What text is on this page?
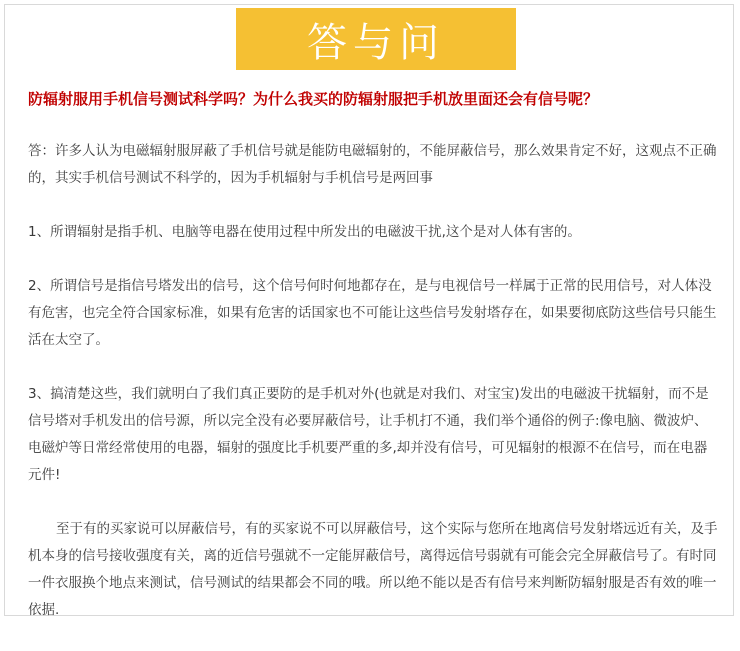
答与问
防辐射服用手机信号测试科学吗？为什么我买的防辐射服把手机放里面还会有信号呢？

答：许多人认为电磁辐射服屏蔽了手机信号就是能防电磁辐射的，不能屏蔽信号，那么效果肯定不好，这观点不正确的，其实手机信号测试不科学的，因为手机辐射与手机信号是两回事

1、所谓辐射是指手机、电脑等电器在使用过程中所发出的电磁波干扰,这个是对人体有害的。

2、所谓信号是指信号塔发出的信号，这个信号何时何地都存在，是与电视信号一样属于正常的民用信号，对人体没有危害，也完全符合国家标准，如果有危害的话国家也不可能让这些信号发射塔存在，如果要彻底防这些信号只能生活在太空了。

3、搞清楚这些，我们就明白了我们真正要防的是手机对外(也就是对我们、对宝宝)发出的电磁波干扰辐射，而不是信号塔对手机发出的信号源，所以完全没有必要屏蔽信号，让手机打不通，我们举个通俗的例子:像电脑、微波炉、电磁炉等日常经常使用的电器，辐射的强度比手机要严重的多,却并没有信号，可见辐射的根源不在信号，而在电器元件!

至于有的买家说可以屏蔽信号，有的买家说不可以屏蔽信号，这个实际与您所在地离信号发射塔远近有关，及手机本身的信号接收强度有关，离的近信号强就不一定能屏蔽信号，离得远信号弱就有可能会完全屏蔽信号了。有时同一件衣服换个地点来测试，信号测试的结果都会不同的哦。所以绝不能以是否有信号来判断防辐射服是否有效的唯一依据.
